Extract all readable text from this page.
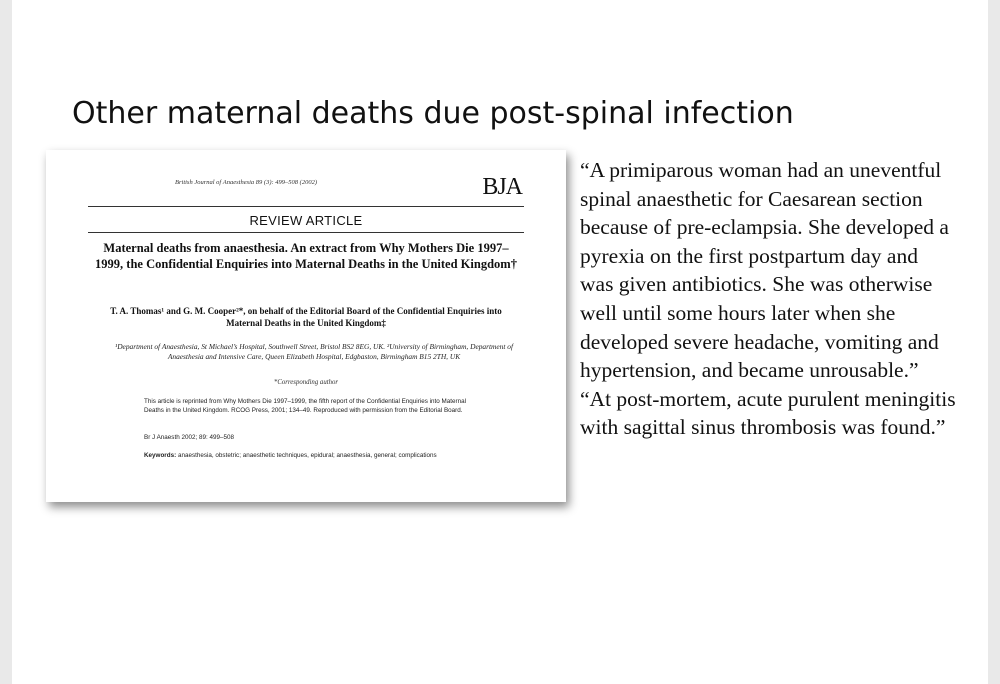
Other maternal deaths due post-spinal infection
British Journal of Anaesthesia 89 (3): 499–508 (2002)	BJA
REVIEW ARTICLE
Maternal deaths from anaesthesia. An extract from Why Mothers Die 1997–1999, the Confidential Enquiries into Maternal Deaths in the United Kingdom†
T. A. Thomas¹ and G. M. Cooper²*, on behalf of the Editorial Board of the Confidential Enquiries into Maternal Deaths in the United Kingdom‡
¹Department of Anaesthesia, St Michael’s Hospital, Southwell Street, Bristol BS2 8EG, UK. ²University of Birmingham, Department of Anaesthesia and Intensive Care, Queen Elizabeth Hospital, Edgbaston, Birmingham B15 2TH, UK
*Corresponding author
This article is reprinted from Why Mothers Die 1997–1999, the fifth report of the Confidential Enquiries into Maternal Deaths in the United Kingdom. RCOG Press, 2001; 134–49. Reproduced with permission from the Editorial Board.
Br J Anaesth 2002; 89: 499–508
Keywords: anaesthesia, obstetric; anaesthetic techniques, epidural; anaesthesia, general; complications

“A primiparous woman had an uneventful spinal anaesthetic for Caesarean section because of pre-eclampsia. She developed a pyrexia on the first postpartum day and was given antibiotics. She was otherwise well until some hours later when she developed severe headache, vomiting and hypertension, and became unrousable.”

“At post-mortem, acute purulent meningitis with sagittal sinus thrombosis was found.”
